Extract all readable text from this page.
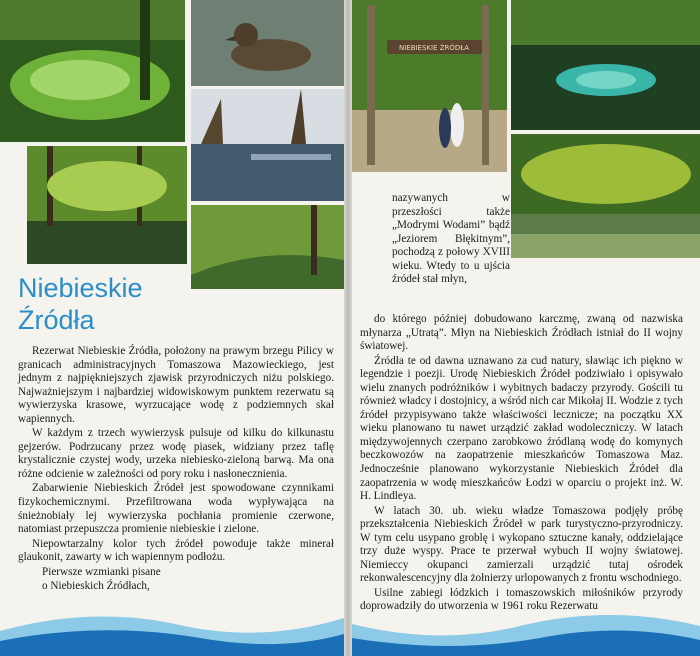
NIEBIESKIE ŹRÓDŁA
Niebieskie
Źródła

Rezerwat Niebieskie Źródła, położony na prawym brzegu Pilicy w granicach administracyjnych Tomaszowa Mazowieckiego, jest jednym z najpiękniejszych zjawisk przyrodniczych niżu polskiego. Najważniejszym i najbardziej widowiskowym punktem rezerwatu są wywierzyska krasowe, wyrzucające wodę z podziemnych skał wapiennych.

W każdym z trzech wywierzysk pulsuje od kilku do kilkunastu gejzerów. Podrzucany przez wodę piasek, widziany przez taflę krystalicznie czystej wody, urzeka niebiesko-zieloną barwą. Ma ona różne odcienie w zależności od pory roku i nasłonecznienia.

Zabarwienie Niebieskich Źródeł jest spowodowane czynnikami fizykochemicznymi. Przefiltrowana woda wypływająca na śnieżnobiały lej wywierzyska pochłania promienie czerwone, natomiast przepuszcza promienie niebieskie i zielone.

Niepowtarzalny kolor tych źródeł powoduje także minerał glaukonit, zawarty w ich wapiennym podłożu.

Pierwsze wzmianki pisane

o Niebieskich Źródłach,

nazywanych w przeszłości także „Modrymi Wodami” bądź „Jeziorem Błękitnym”, pochodzą z połowy XVIII wieku. Wtedy to u ujścia źródeł stał młyn,

do którego później dobudowano karczmę, zwaną od nazwiska młynarza „Utratą”. Młyn na Niebieskich Źródłach istniał do II wojny światowej.

Źródła te od dawna uznawano za cud natury, sławiąc ich piękno w legendzie i poezji. Urodę Niebieskich Źródeł podziwiało i opisywało wielu znanych podróżników i wybitnych badaczy przyrody. Gościli tu również władcy i dostojnicy, a wśród nich car Mikołaj II. Wodzie z tych źródeł przypisywano także właściwości lecznicze; na początku XX wieku planowano tu nawet urządzić zakład wodoleczniczy. W latach międzywojennych czerpano zarobkowo źródlaną wodę do komynych beczkowozów na zaopatrzenie mieszkańców Tomaszowa Maz. Jednocześnie planowano wykorzystanie Niebieskich Źródeł dla zaopatrzenia w wodę mieszkańców Łodzi w oparciu o projekt inż. W. H. Lindleya.

W latach 30. ub. wieku władze Tomaszowa podjęły próbę przekształcenia Niebieskich Źródeł w park turystyczno-przyrodniczy. W tym celu usypano groblę i wykopano sztuczne kanały, oddzielające trzy duże wyspy. Prace te przerwał wybuch II wojny światowej. Niemieccy okupanci zamierzali urządzić tutaj ośrodek rekonwalescencyjny dla żołnierzy urlopowanych z frontu wschodniego.

Usilne zabiegi łódzkich i tomaszowskich miłośników przyrody doprowadziły do utworzenia w 1961 roku Rezerwatu
